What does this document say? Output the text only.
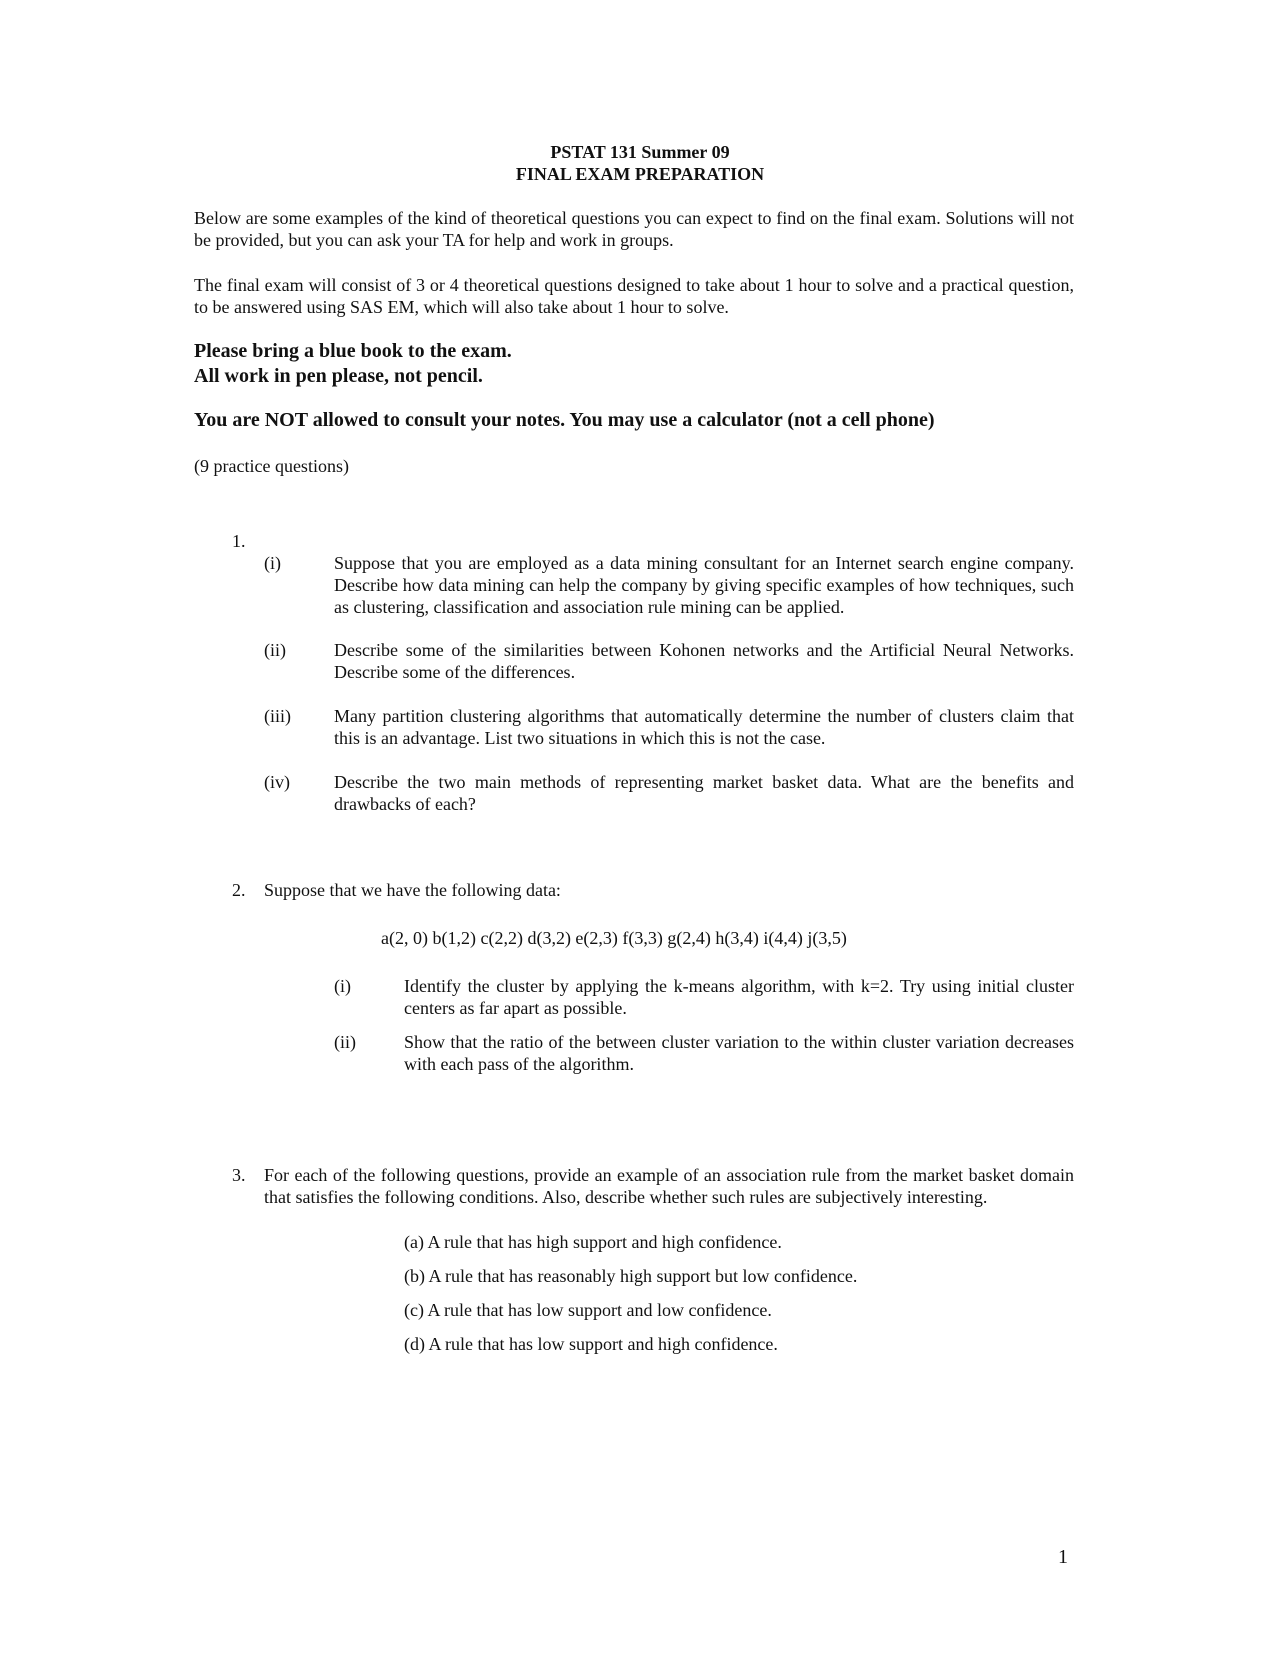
PSTAT 131 Summer 09
FINAL EXAM PREPARATION
Below are some examples of the kind of theoretical questions you can expect to find on the final exam. Solutions will not be provided, but you can ask your TA for help and work in groups.
The final exam will consist of 3 or 4 theoretical questions designed to take about 1 hour to solve and a practical question, to be answered using SAS EM, which will also take about 1 hour to solve.
Please bring a blue book to the exam.
All work in pen please, not pencil.
You are NOT allowed to consult your notes. You may use a calculator (not a cell phone)
(9 practice questions)
1.
(i)	Suppose that you are employed as a data mining consultant for an Internet search engine company. Describe how data mining can help the company by giving specific examples of how techniques, such as clustering, classification and association rule mining can be applied.
(ii)	Describe some of the similarities between Kohonen networks and the Artificial Neural Networks. Describe some of the differences.
(iii) Many partition clustering algorithms that automatically determine the number of clusters claim that this is an advantage. List two situations in which this is not the case.
(iv) Describe the two main methods of representing market basket data. What are the benefits and drawbacks of each?
2. Suppose that we have the following data:
a(2, 0) b(1,2) c(2,2) d(3,2) e(2,3) f(3,3) g(2,4) h(3,4) i(4,4) j(3,5)
(i)	Identify the cluster by applying the k-means algorithm, with k=2. Try using initial cluster centers as far apart as possible.
(ii)	Show that the ratio of the between cluster variation to the within cluster variation decreases with each pass of the algorithm.
3. For each of the following questions, provide an example of an association rule from the market basket domain that satisfies the following conditions. Also, describe whether such rules are subjectively interesting.
(a) A rule that has high support and high confidence.
(b) A rule that has reasonably high support but low confidence.
(c) A rule that has low support and low confidence.
(d) A rule that has low support and high confidence.
1
